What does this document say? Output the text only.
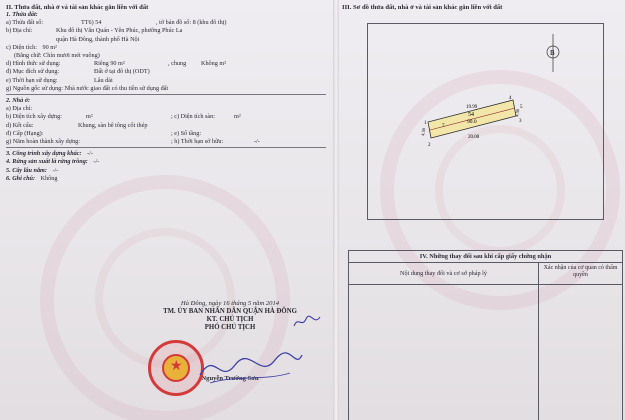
II. Thửa đất, nhà ở và tài sản khác gắn liền với đất
1. Thửa đất:
a) Thửa đất số:	TT6) 54	, tờ bản đồ số: 8 (khu đô thị)
b) Địa chỉ:	Khu đô thị Văn Quán - Yên Phúc, phường Phúc La
quận Hà Đông, thành phố Hà Nội
c) Diện tích: 90 m²
(Bằng chữ: Chín mươi mét vuông)
d) Hình thức sử dụng:	Riêng 90 m²	, chung Không m²
đ) Mục đích sử dụng:	Đất ở tại đô thị (ODT)
e) Thời hạn sử dụng:	Lâu dài
g) Nguồn gốc sử dụng: Nhà nước giao đất có thu tiền sử dụng đất
2. Nhà ở:
a) Địa chỉ:
b) Diện tích xây dựng:	m²	; c) Diện tích sàn:	m²
d) Kết cấu:	Khung, sàn bê tông cốt thép
đ) Cấp (Hạng):	; e) Số tầng:
g) Năm hoàn thành xây dựng:	; h) Thời hạn sở hữu:	-/-
3. Công trình xây dựng khác: -/-
4. Rừng sản xuất là rừng trồng: -/-
5. Cây lâu năm: -/-
6. Ghi chú: Không
Hà Đông, ngày 16 tháng 5 năm 2014
TM. ỦY BAN NHÂN DÂN QUẬN HÀ ĐÔNG
KT. CHỦ TỊCH
PHÓ CHỦ TỊCH
Nguyễn Trường Sơn
★
III. Sơ đồ thửa đất, nhà ở và tài sản khác gắn liền với đất
B
54
90.0
19.99
20.00
4.50
4.50
1
2
3
4
5
7
IV. Những thay đổi sau khi cấp giấy chứng nhận
Nội dung thay đổi và cơ sở pháp lý
Xác nhận của cơ quan có thẩm quyền
